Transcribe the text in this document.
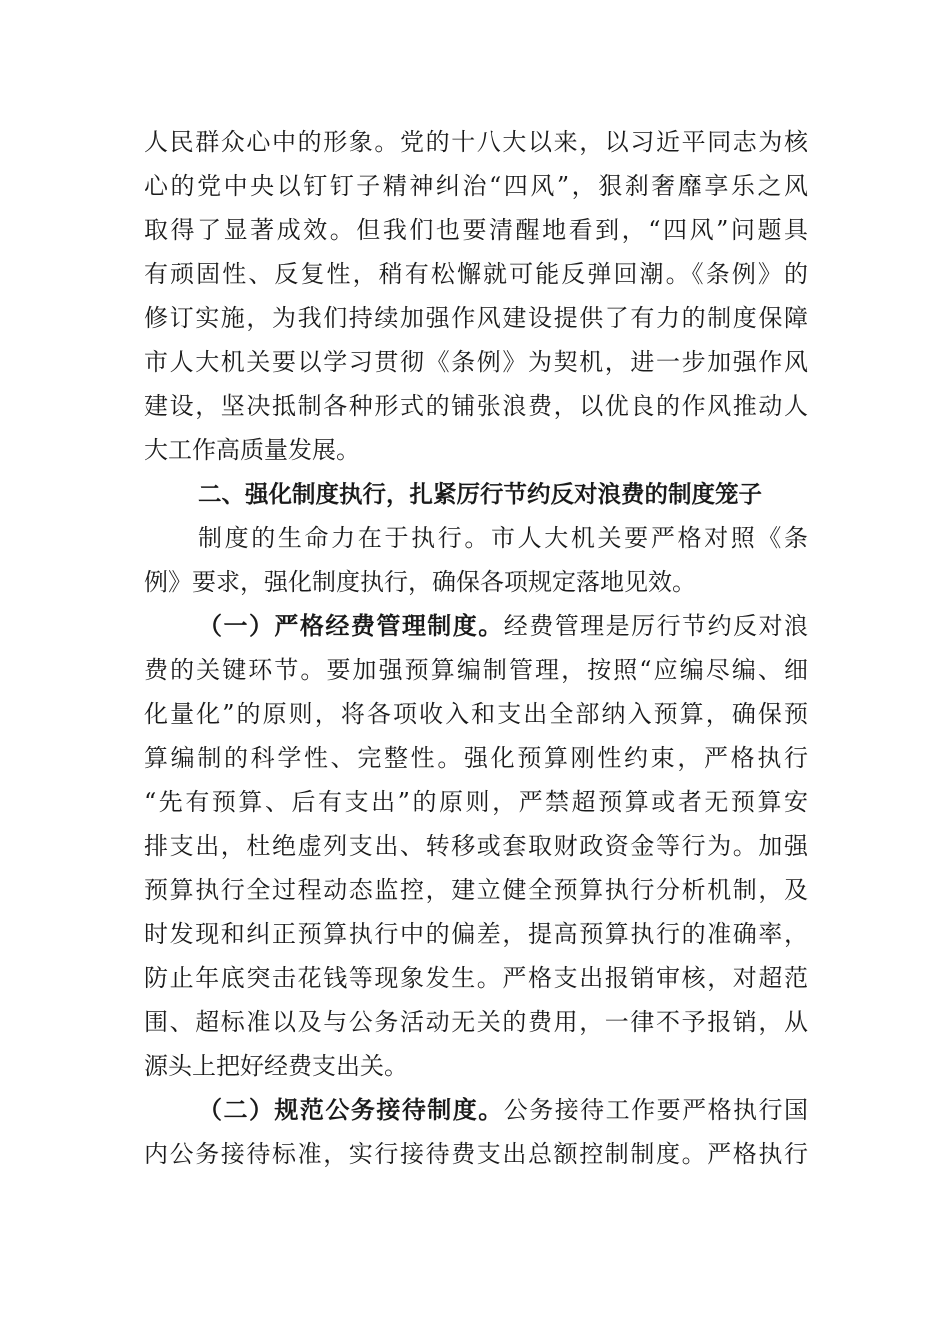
人民群众心中的形象。党的十八大以来，以习近平同志为核
心的党中央以钉钉子精神纠治“四风”，狠刹奢靡享乐之风
取得了显著成效。但我们也要清醒地看到，“四风”问题具
有顽固性、反复性，稍有松懈就可能反弹回潮。《条例》的
修订实施，为我们持续加强作风建设提供了有力的制度保障
市人大机关要以学习贯彻《条例》为契机，进一步加强作风
建设，坚决抵制各种形式的铺张浪费，以优良的作风推动人
大工作高质量发展。
二、强化制度执行，扎紧厉行节约反对浪费的制度笼子
制度的生命力在于执行。市人大机关要严格对照《条
例》要求，强化制度执行，确保各项规定落地见效。
（一）严格经费管理制度。经费管理是厉行节约反对浪
费的关键环节。要加强预算编制管理，按照“应编尽编、细
化量化”的原则，将各项收入和支出全部纳入预算，确保预
算编制的科学性、完整性。强化预算刚性约束，严格执行
“先有预算、后有支出”的原则，严禁超预算或者无预算安
排支出，杜绝虚列支出、转移或套取财政资金等行为。加强
预算执行全过程动态监控，建立健全预算执行分析机制，及
时发现和纠正预算执行中的偏差，提高预算执行的准确率，
防止年底突击花钱等现象发生。严格支出报销审核，对超范
围、超标准以及与公务活动无关的费用，一律不予报销，从
源头上把好经费支出关。
（二）规范公务接待制度。公务接待工作要严格执行国
内公务接待标准，实行接待费支出总额控制制度。严格执行
